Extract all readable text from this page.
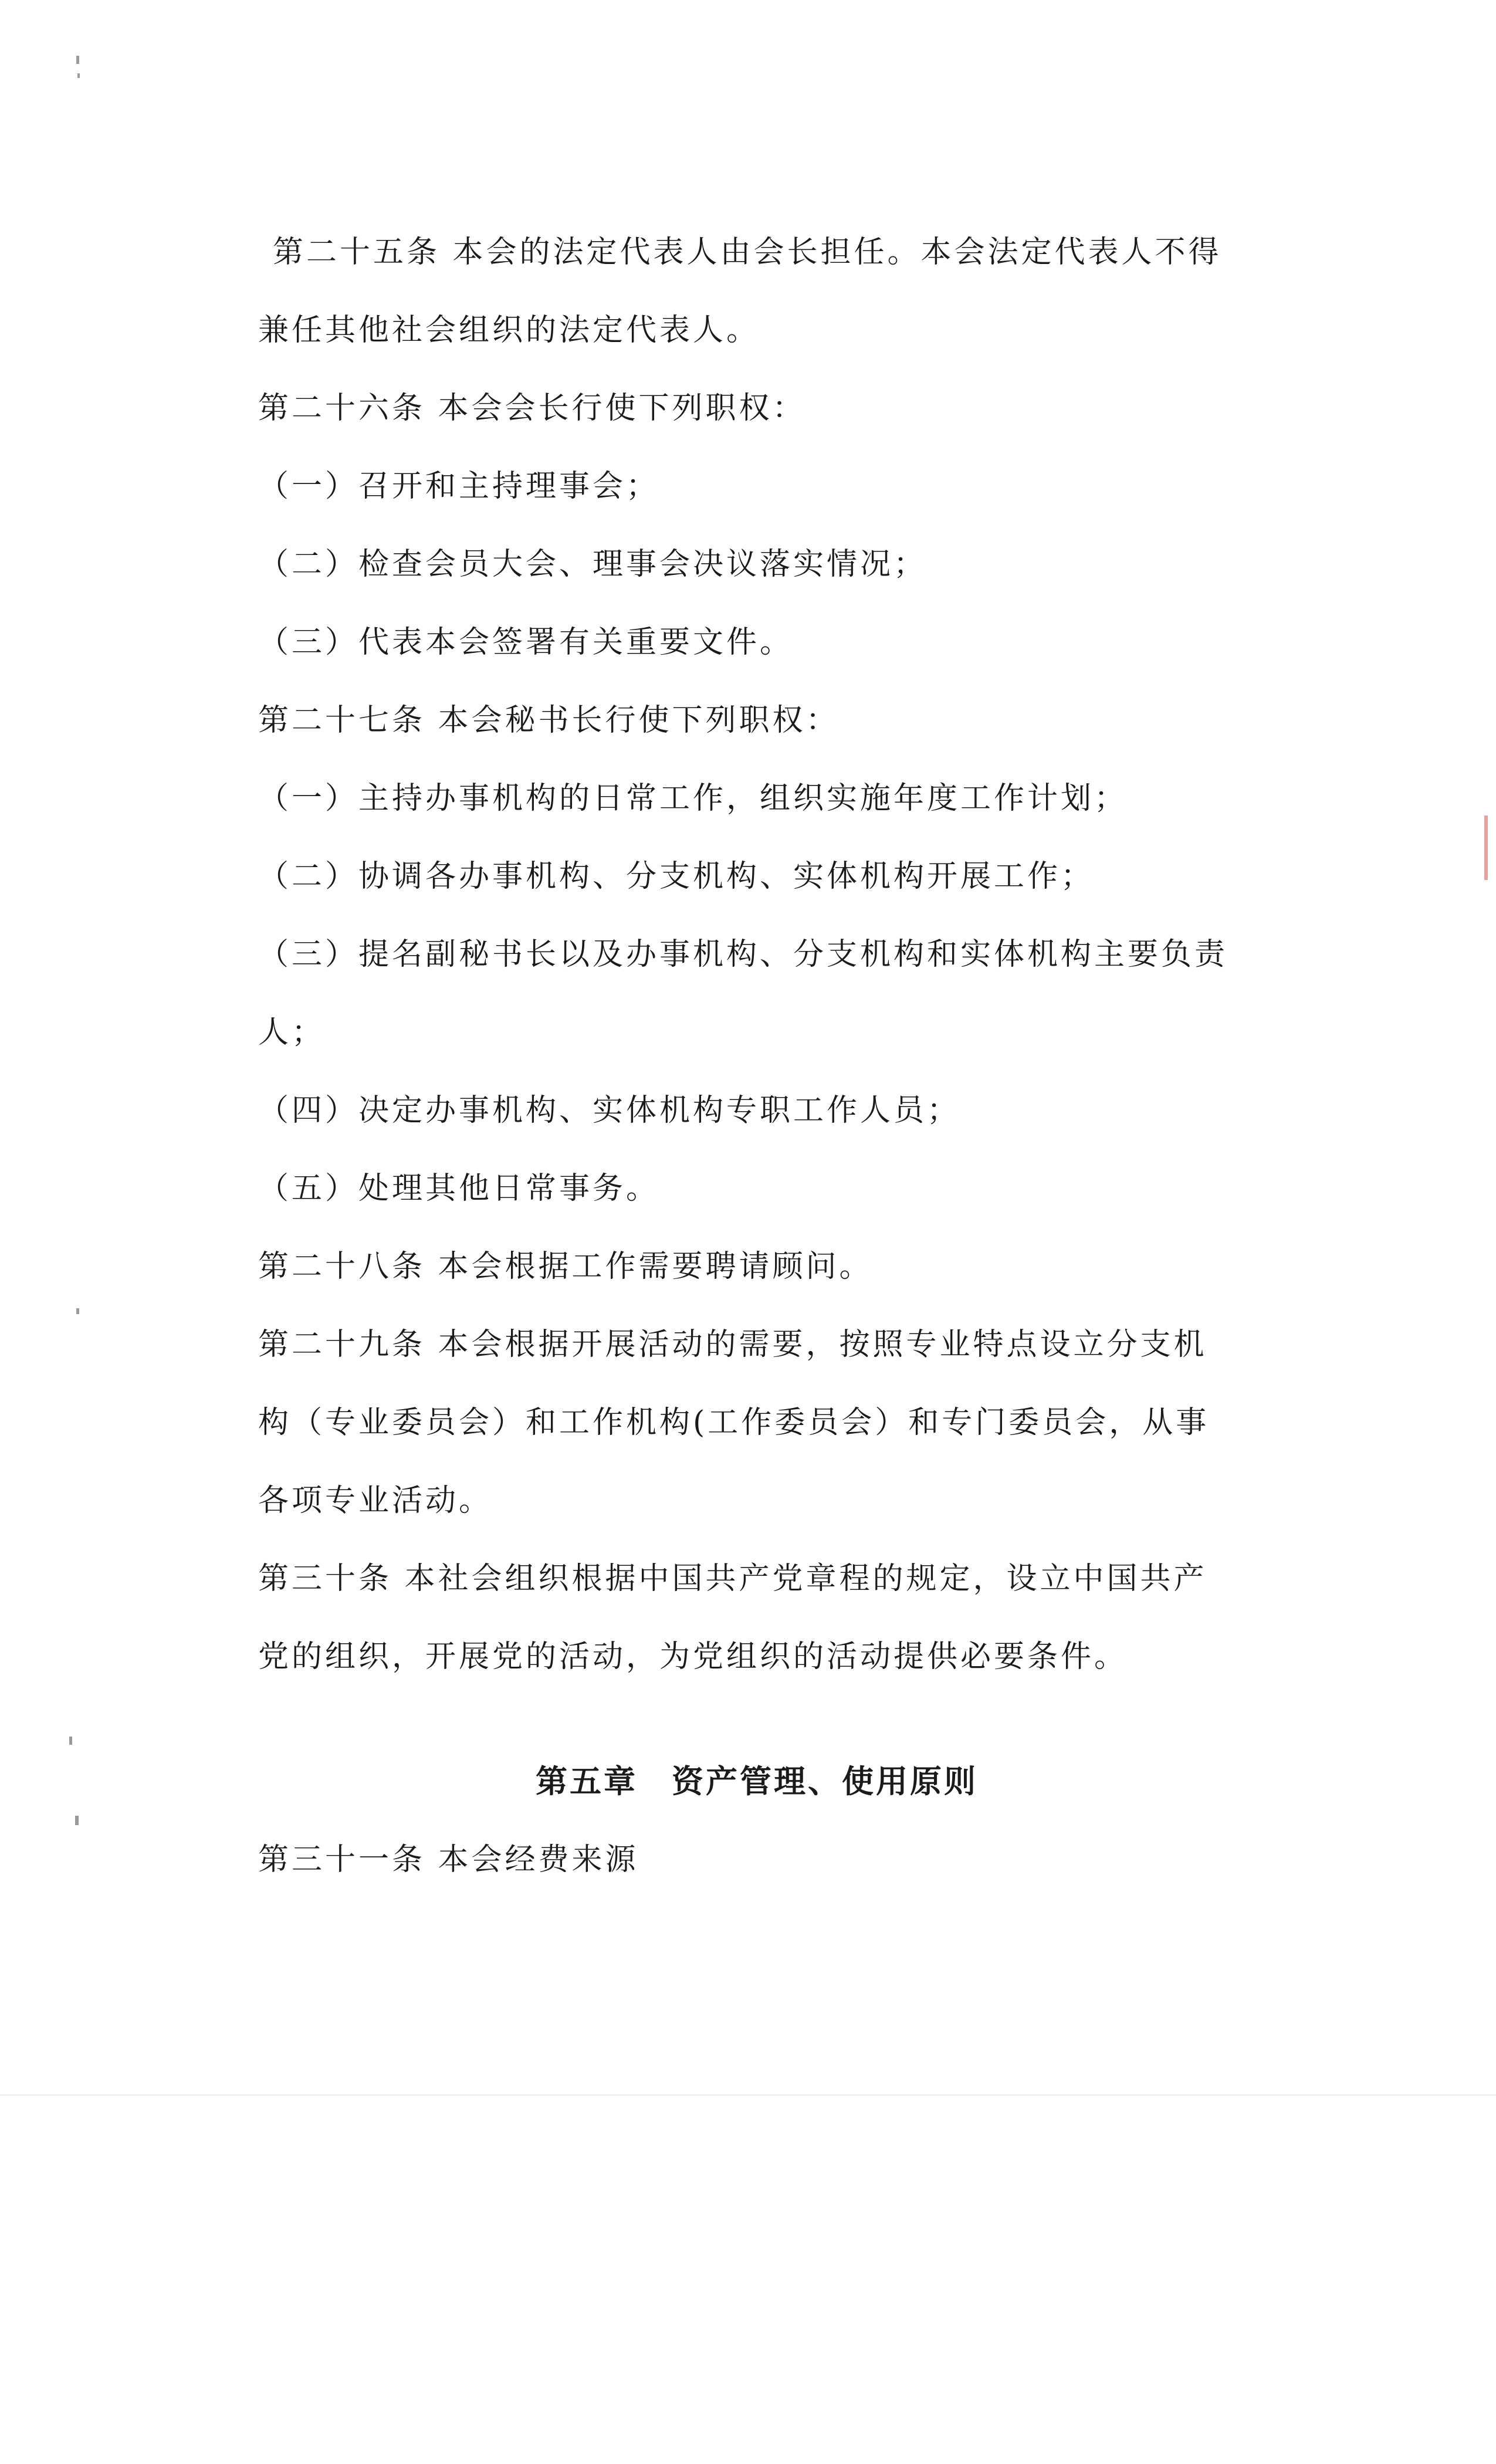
第二十五条 本会的法定代表人由会长担任。本会法定代表人不得

兼任其他社会组织的法定代表人。

第二十六条 本会会长行使下列职权：

（一）召开和主持理事会；

（二）检查会员大会、理事会决议落实情况；

（三）代表本会签署有关重要文件。

第二十七条 本会秘书长行使下列职权：

（一）主持办事机构的日常工作，组织实施年度工作计划；

（二）协调各办事机构、分支机构、实体机构开展工作；

（三）提名副秘书长以及办事机构、分支机构和实体机构主要负责

人；

（四）决定办事机构、实体机构专职工作人员；

（五）处理其他日常事务。

第二十八条 本会根据工作需要聘请顾问。

第二十九条 本会根据开展活动的需要，按照专业特点设立分支机

构（专业委员会）和工作机构(工作委员会）和专门委员会，从事

各项专业活动。

第三十条 本社会组织根据中国共产党章程的规定，设立中国共产

党的组织，开展党的活动，为党组织的活动提供必要条件。

第五章　资产管理、使用原则

第三十一条 本会经费来源
